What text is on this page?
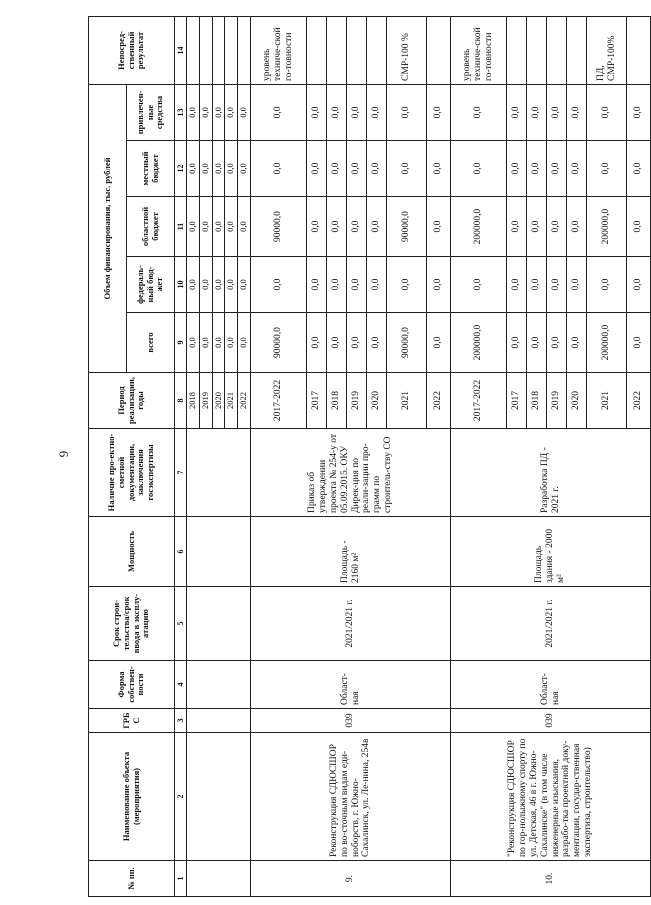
6
№ пп.	Наименование объекта (мероприятия)	ГРБ С	Форма собствен-ности	Срок строи-тельства/срок ввода в эксплу-атацию	Мощность	Наличие про-ектно-сметной документации, заключения госэкспертизы	Период реализации, годы	Объем финансирования, тыс. рублей					Непосред-ственный результат
								всего	федераль-ный бюд-жет	областной бюджет	местный бюджет	привлечен-ные средства	
1	2	3	4	5	6	7	8	9	10	11	12	13	14
							2018	0,0	0,0	0,0	0,0	0,0	
							2019	0,0	0,0	0,0	0,0	0,0	
							2020	0,0	0,0	0,0	0,0	0,0	
							2021	0,0	0,0	0,0	0,0	0,0	
							2022	0,0	0,0	0,0	0,0	0,0	
9.	Реконструкция СДЮСШОР по во-сточным видам еди-ноборств, г. Южно-Сахалинск, ул. Ле-нина, 254в	039	Област-ная	2021/2021 г.	Площадь - 2160 м²	Приказ об утверждении проекта № 254-у от 05.09.2015. ОКУ Дирек-ция по реали-зации про-грамм по строитель-ству СО	2017-2022	90000,0	0,0	90000,0	0,0	0,0	уровень техниче-ской го-товности
							2017	0,0	0,0	0,0	0,0	0,0	
							2018	0,0	0,0	0,0	0,0	0,0	
							2019	0,0	0,0	0,0	0,0	0,0	
							2020	0,0	0,0	0,0	0,0	0,0	
							2021	90000,0	0,0	90000,0	0,0	0,0	СМР-100 %
							2022	0,0	0,0	0,0	0,0	0,0	
10.	"Реконструкция СДЮСШОР по гор-нолыжному спорту по ул. Детская, 46 в г. Южно-Сахалинске" (в том числе инженерные изыскания, разрабо-тка проектной доку-ментации, государ-ственная экспертиза, строительство)	039	Област-ная	2021/2021 г.	Площадь здания - 2000 м²	Разработка ПД - 2021 г.	2017-2022	200000,0	0,0	200000,0	0,0	0,0	уровень техниче-ской го-товности
							2017	0,0	0,0	0,0	0,0	0,0	
							2018	0,0	0,0	0,0	0,0	0,0	
							2019	0,0	0,0	0,0	0,0	0,0	
							2020	0,0	0,0	0,0	0,0	0,0	
							2021	200000,0	0,0	200000,0	0,0	0,0	ПД, СМР-100%
							2022	0,0	0,0	0,0	0,0	0,0	
